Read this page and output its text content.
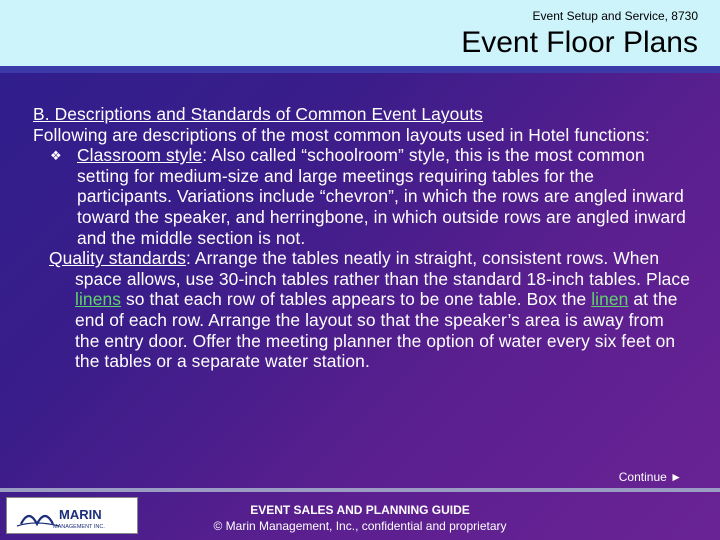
Event Setup and Service, 8730
Event Floor Plans

B. Descriptions and Standards of Common Event Layouts

Following are descriptions of the most common layouts used in Hotel functions:

❖ Classroom style: Also called “schoolroom” style, this is the most common setting for medium-size and large meetings requiring tables for the participants. Variations include “chevron”, in which the rows are angled inward toward the speaker, and herringbone, in which outside rows are angled inward and the middle section is not.

Quality standards: Arrange the tables neatly in straight, consistent rows. When space allows, use 30-inch tables rather than the standard 18-inch tables. Place linens so that each row of tables appears to be one table. Box the linen at the end of each row. Arrange the layout so that the speaker’s area is away from the entry door. Offer the meeting planner the option of water every six feet on the tables or a separate water station.

Continue ►
MARIN
MANAGEMENT INC.
EVENT SALES AND PLANNING GUIDE
© Marin Management, Inc., confidential and proprietary
